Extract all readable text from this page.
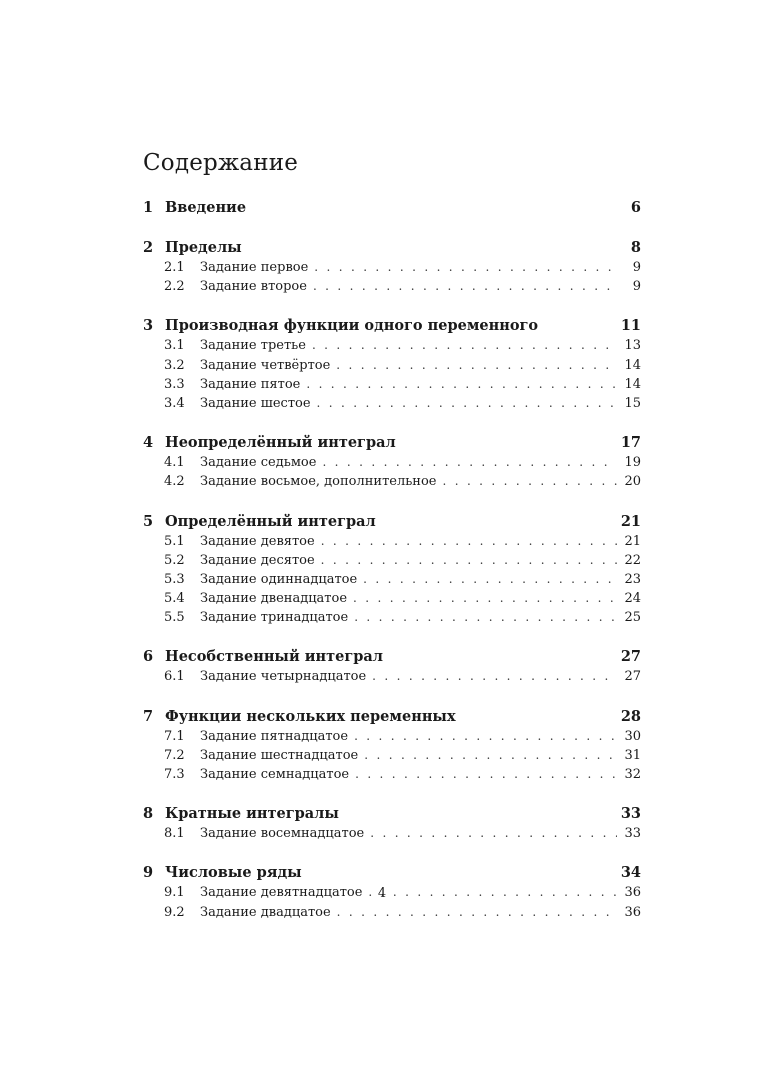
Содержание
1 Введение	6
2 Пределы	8
2.1	Задание первое . . .	9
2.2	Задание второе . . .	9
3 Производная функции одного переменного	11
3.1	Задание третье . . .	13
3.2	Задание четвёртое . . .	14
3.3	Задание пятое . . .	14
3.4	Задание шестое . . .	15
4 Неопределённый интеграл	17
4.1	Задание седьмое . . .	19
4.2	Задание восьмое, дополнительное . . .	20
5 Определённый интеграл	21
5.1	Задание девятое . . .	21
5.2	Задание десятое . . .	22
5.3	Задание одиннадцатое . . .	23
5.4	Задание двенадцатое . . .	24
5.5	Задание тринадцатое . . .	25
6 Несобственный интеграл	27
6.1	Задание четырнадцатое . . .	27
7 Функции нескольких переменных	28
7.1	Задание пятнадцатое . . .	30
7.2	Задание шестнадцатое . . .	31
7.3	Задание семнадцатое . . .	32
8 Кратные интегралы	33
8.1	Задание восемнадцатое . . .	33
9 Числовые ряды	34
9.1	Задание девятнадцатое . . .	36
9.2	Задание двадцатое . . .	36
4
